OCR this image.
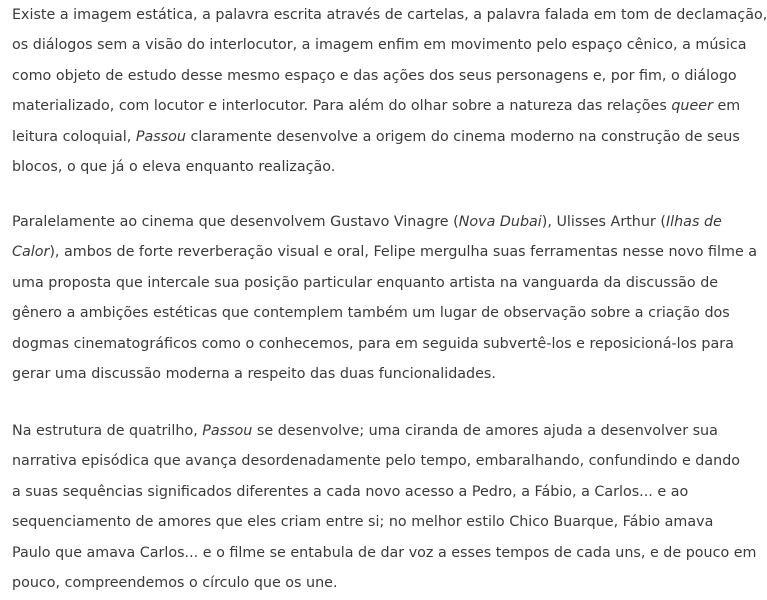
Existe a imagem estática, a palavra escrita através de cartelas, a palavra falada em tom de declamação,
os diálogos sem a visão do interlocutor, a imagem enfim em movimento pelo espaço cênico, a música
como objeto de estudo desse mesmo espaço e das ações dos seus personagens e, por fim, o diálogo
materializado, com locutor e interlocutor. Para além do olhar sobre a natureza das relações queer em
leitura coloquial, Passou claramente desenvolve a origem do cinema moderno na construção de seus
blocos, o que já o eleva enquanto realização.

Paralelamente ao cinema que desenvolvem Gustavo Vinagre (Nova Dubai), Ulisses Arthur (Ilhas de
Calor), ambos de forte reverberação visual e oral, Felipe mergulha suas ferramentas nesse novo filme a
uma proposta que intercale sua posição particular enquanto artista na vanguarda da discussão de
gênero a ambições estéticas que contemplem também um lugar de observação sobre a criação dos
dogmas cinematográficos como o conhecemos, para em seguida subvertê-los e reposicioná-los para
gerar uma discussão moderna a respeito das duas funcionalidades.

Na estrutura de quatrilho, Passou se desenvolve; uma ciranda de amores ajuda a desenvolver sua
narrativa episódica que avança desordenadamente pelo tempo, embaralhando, confundindo e dando
a suas sequências significados diferentes a cada novo acesso a Pedro, a Fábio, a Carlos... e ao
sequenciamento de amores que eles criam entre si; no melhor estilo Chico Buarque, Fábio amava
Paulo que amava Carlos... e o filme se entabula de dar voz a esses tempos de cada uns, e de pouco em
pouco, compreendemos o círculo que os une.
